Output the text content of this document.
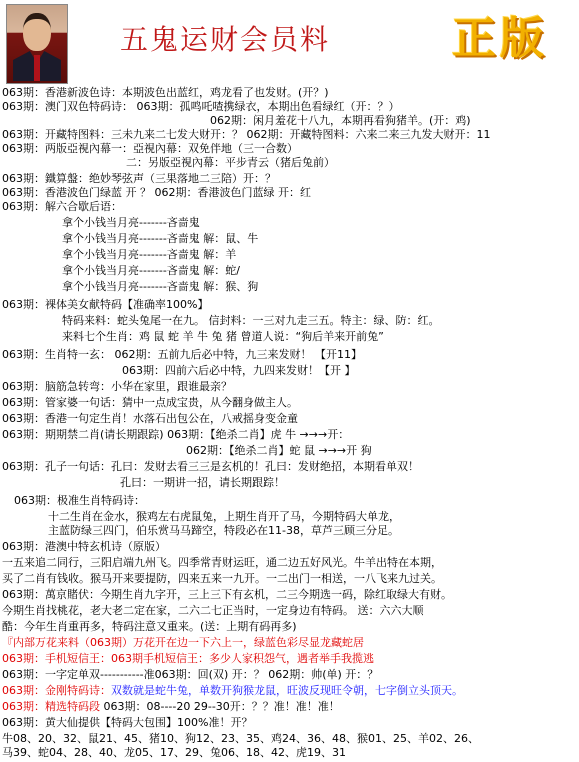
五鬼运财会员料	正版
063期：香港新波色诗：本期波色出蓝红，鸡龙看了也发财。(开？)
063期：澳门双色特码诗： 063期：孤鸣吒喳携绿衣，本期出色看绿红（开：？）
062期：闲月羞花十八九，本期再看狗猪羊。(开：鸡)
063期：开藏特图料：三未九来二七发大财开：？ 062期：开藏特图料：六来二来三九发大财开：11
063期：两版亞視內幕一：亞視內幕：双免伴地（三一合数）
二：另版亞視內幕：平步青云（猪后兔前）
063期：鐵算盤：绝妙琴弦声（三果落地二三陪）开：？
063期：香港波色门绿蓝 开 ？ 062期：香港波色门蓝绿 开：红
063期：解六合歇后语：
拿个小钱当月亮-------吝啬鬼
拿个小钱当月亮-------吝啬鬼 解：鼠、牛
拿个小钱当月亮-------吝啬鬼 解：羊
拿个小钱当月亮-------吝啬鬼 解：蛇/
拿个小钱当月亮-------吝啬鬼 解：猴、狗
063期：裸体美女献特码【准确率100%】
特码来料：蛇头兔尾一在九。 信封料：一三对九走三五。特主：绿、防：红。
来料七个生肖：鸡 鼠 蛇 羊 牛 兔 猪 曾道人说：“狗后羊来开前兔”
063期：生肖特一玄： 062期：五前九后必中特，九三来发财！ 【开11】
063期：四前六后必中特，九四来发财！【开 】
063期：脑筋急转弯：小华在家里，跟谁最亲？
063期：管家婆一句话：猜中一点成宝贵，从今翻身做主人。
063期：香港一句定生肖！水落石出包公在，八戒摇身变金童
063期：期期禁二肖(请长期跟踪) 063期：【绝杀二肖】虎 牛 →→→开：
062期：【绝杀二肖】蛇 鼠 →→→开 狗
063期：孔子一句话：孔曰：发财去看三三是玄机的！孔曰：发财绝招，本期看单双！
孔曰：一期讲一招，请长期跟踪！
063期：极准生肖特码诗：
十二生肖在金水，猴鸡左右虎鼠兔，上期生肖开了马，今期特码大单龙，
主蓝防绿三四门，伯乐赏马马蹄空，特段必在11-38，草芦三顾三分足。
063期：港澳中特玄机诗（原版）
一五来追二同行，三阳启端九州飞。四季常青财运旺，通二边五好风光。牛羊出特在本期，
买了二肖有钱收。猴马开来要提防，四来五来一九开。一二出门一相送，一八飞来九过关。
063期：萬京賭伏：今期生肖九字开，三上三下有玄机，二三今期选一码，除红取绿大有财。
今期生肖找桃花，老大老二定在家，二六二七正当时，一定身边有特码。 送：六六大顺
酷：今年生肖重再多，特码注意又重来。(送：上期有码再多)
『内部万花来料（063期）万花开在边一下六上一，绿蓝色彩尽显龙藏蛇居
063期：手机短信王：063期手机短信王：多少人家积怨气，遇者举手我揽逃
063期：一字定单双-----------准063期：回(双) 开：？ 062期：帅(单) 开：？
063期：金刚特码诗：双数就是蛇牛兔，单数开狗猴龙鼠，旺波反现旺令朝，七字倒立头顶天。
063期：精选特码段 063期：08----20 29--30开：？？准！准！准！
063期：黄大仙提供【特码大包围】100%准！开？
牛08、20、32、鼠21、45、猪10、狗12、23、35、鸡24、36、48、猴01、25、羊02、26、
马39、蛇04、28、40、龙05、17、29、兔06、18、42、虎19、31
